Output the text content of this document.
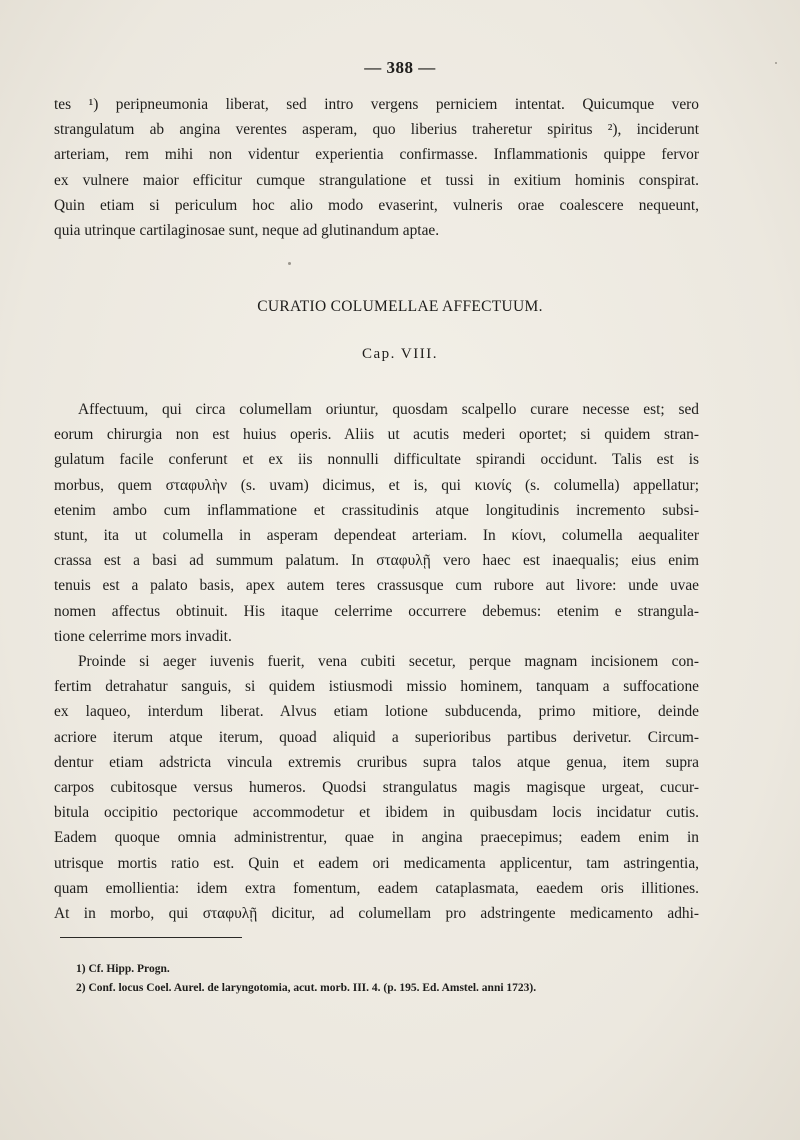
— 388 —
tes ¹) peripneumonia liberat, sed intro vergens perniciem intentat. Quicumque vero
strangulatum ab angina verentes asperam, quo liberius traheretur spiritus ²), inciderunt
arteriam, rem mihi non videntur experientia confirmasse. Inflammationis quippe fervor
ex vulnere maior efficitur cumque strangulatione et tussi in exitium hominis conspirat.
Quin etiam si periculum hoc alio modo evaserint, vulneris orae coalescere nequeunt,
quia utrinque cartilaginosae sunt, neque ad glutinandum aptae.
CURATIO COLUMELLAE AFFECTUUM.
Cap. VIII.
Affectuum, qui circa columellam oriuntur, quosdam scalpello curare necesse est; sed
eorum chirurgia non est huius operis. Aliis ut acutis mederi oportet; si quidem stran-
gulatum facile conferunt et ex iis nonnulli difficultate spirandi occidunt. Talis est is
morbus, quem σταφυλὴν (s. uvam) dicimus, et is, qui κιονίς (s. columella) appellatur;
etenim ambo cum inflammatione et crassitudinis atque longitudinis incremento subsi-
stunt, ita ut columella in asperam dependeat arteriam. In κίονι, columella aequaliter
crassa est a basi ad summum palatum. In σταφυλῇ vero haec est inaequalis; eius enim
tenuis est a palato basis, apex autem teres crassusque cum rubore aut livore: unde uvae
nomen affectus obtinuit. His itaque celerrime occurrere debemus: etenim e strangula-
tione celerrime mors invadit.
Proinde si aeger iuvenis fuerit, vena cubiti secetur, perque magnam incisionem con-
fertim detrahatur sanguis, si quidem istiusmodi missio hominem, tanquam a suffocatione
ex laqueo, interdum liberat. Alvus etiam lotione subducenda, primo mitiore, deinde
acriore iterum atque iterum, quoad aliquid a superioribus partibus derivetur. Circum-
dentur etiam adstricta vincula extremis cruribus supra talos atque genua, item supra
carpos cubitosque versus humeros. Quodsi strangulatus magis magisque urgeat, cucur-
bitula occipitio pectorique accommodetur et ibidem in quibusdam locis incidatur cutis.
Eadem quoque omnia administrentur, quae in angina praecepimus; eadem enim in
utrisque mortis ratio est. Quin et eadem ori medicamenta applicentur, tam astringentia,
quam emollientia: idem extra fomentum, eadem cataplasmata, eaedem oris illitiones.
At in morbo, qui σταφυλῇ dicitur, ad columellam pro adstringente medicamento adhi-
1) Cf. Hipp. Progn.
2) Conf. locus Coel. Aurel. de laryngotomia, acut. morb. III. 4. (p. 195. Ed. Amstel. anni 1723).
